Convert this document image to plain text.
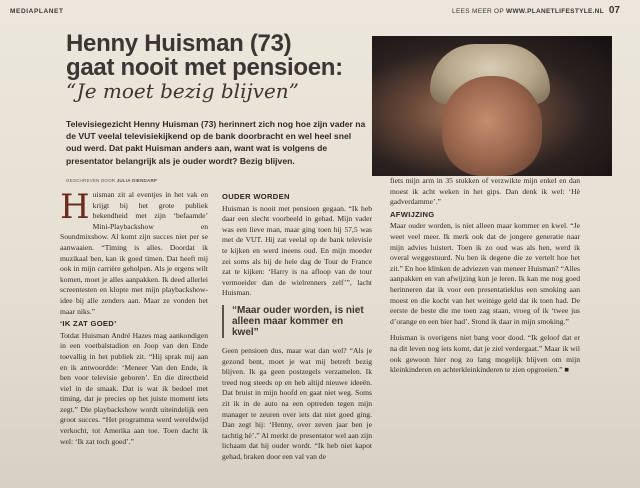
MEDIAPLANET	LEES MEER OP WWW.PLANETLIFESTYLE.NL 07
Henny Huisman (73)
gaat nooit met pensioen:
“Je moet bezig blijven”
Televisiegezicht Henny Huisman (73) herinnert zich nog hoe zijn vader na de VUT veelal televisiekijkend op de bank doorbracht en wel heel snel oud werd. Dat pakt Huisman anders aan, want wat is volgens de presentator belangrijk als je ouder wordt? Bezig blijven.
GESCHREVEN DOOR JULIA DIENDARP

Huisman zit al eventjes in het vak en krijgt bij het grote publiek bekendheid met zijn ‘befaamde’ Mini-Playbackshow en Soundmixshow. Al komt zijn succes niet per se aanwaaien. “Timing is alles. Doordat ik muzikaal ben, kan ik goed timen. Dat heeft mij ook in mijn carrière geholpen. Als je ergens wilt komen, moet je alles aanpakken. Ik deed allerlei screentesten en klopte met mijn playbackshow-idee bij alle zenders aan. Maar ze vonden het maar niks.”

‘IK ZAT GOED’

Totdat Huisman André Hazes mag aankondigen in een voetbalstadion en Joop van den Ende toevallig in het publiek zit. “Hij sprak mij aan en ik antwoordde: ‘Meneer Van den Ende, ik ben voor televisie geboren’. En die directheid viel in de smaak. Dat is wat ik bedoel met timing, dat je precies op het juiste moment iets zegt.” Die playbackshow wordt uiteindelijk een groot succes. “Het programma werd wereldwijd verkocht, tot Amerika aan toe. Toen dacht ik wel: ‘Ik zat toch goed’.”

OUDER WORDEN

Huisman is nooit met pensioen gegaan. “Ik heb daar een slecht voorbeeld in gehad. Mijn vader was een lieve man, maar ging toen hij 57,5 was met de VUT. Hij zat veelal op de bank televisie te kijken en werd ineens oud. En mijn moeder zei soms als hij de hele dag de Tour de France zat te kijken: ‘Harry is na afloop van de tour vermoeider dan de wielrenners zelf’”, lacht Huisman.

“Maar ouder worden, is niet alleen maar kommer en kwel”

Geen pensioen dus, maar wat dan wel? “Als je gezond bent, moet je wat mij betreft bezig blijven. Ik ga geen postzegels verzamelen. Ik treed nog steeds op en heb altijd nieuwe ideeën. Dat bruist in mijn hoofd en gaat niet weg. Soms zit ik in de auto na een optreden tegen mijn manager te zeuren over iets dat niet goed ging. Dan zegt hij: ‘Henny, over zeven jaar ben je tachtig hè’.” Al merkt de presentator wel aan zijn lichaam dat hij ouder wordt. “Ik heb niet kapot gehad, braken door een val van de

fiets mijn arm in 35 stukken of verzwikte mijn enkel en dan moest ik acht weken in het gips. Dan denk ik wel: ‘Hè gadverdamme’.”

AFWIJZING

Maar ouder worden, is niet alleen maar kommer en kwel. “Je weet veel meer. Ik merk ook dat de jongere generatie naar mijn advies luistert. Toen ik zo oud was als hen, werd ik overal weggestuurd. Nu ben ik degene die ze vertelt hoe het zit.” En hoe klinken de adviezen van meneer Huisman? “Alles aanpakken en van afwijzing kun je leren. Ik kan me nog goed herinneren dat ik voor een presentatieklus een smoking aan moest en die kocht van het weinige geld dat ik toen had. De eerste de beste die me toen zag staan, vroeg of ik ‘twee jus d’orange en een bier had’. Stond ik daar in mijn smoking.”

Huisman is overigens niet bang voor dood. “Ik geloof dat er na dit leven nog iets komt, dat je ziel verdergaat.” Maar ik wil ook gewoon hier nog zo lang mogelijk blijven om mijn kleinkinderen en achterkleinkinderen te zien opgroeien.” ■
